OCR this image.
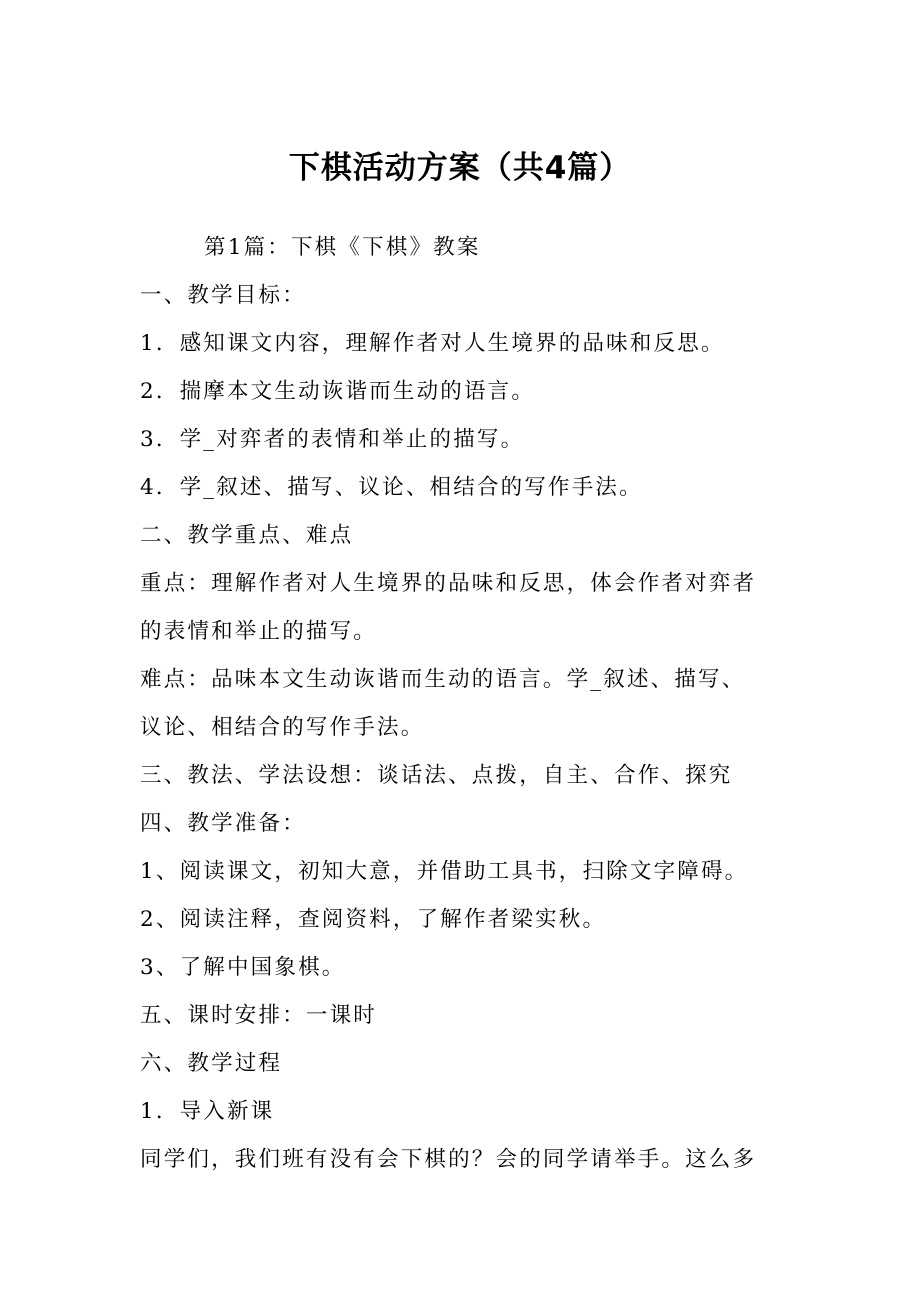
下棋活动方案（共4篇）
第1篇：下棋《下棋》教案
一、教学目标：
1．感知课文内容，理解作者对人生境界的品味和反思。
2．揣摩本文生动诙谐而生动的语言。
3．学_对弈者的表情和举止的描写。
4．学_叙述、描写、议论、相结合的写作手法。
二、教学重点、难点
重点：理解作者对人生境界的品味和反思，体会作者对弈者
的表情和举止的描写。
难点：品味本文生动诙谐而生动的语言。学_叙述、描写、
议论、相结合的写作手法。
三、教法、学法设想：谈话法、点拨，自主、合作、探究
四、教学准备：
1、阅读课文，初知大意，并借助工具书，扫除文字障碍。
2、阅读注释，查阅资料，了解作者梁实秋。
3、了解中国象棋。
五、课时安排：一课时
六、教学过程
1．导入新课
同学们，我们班有没有会下棋的？会的同学请举手。这么多
